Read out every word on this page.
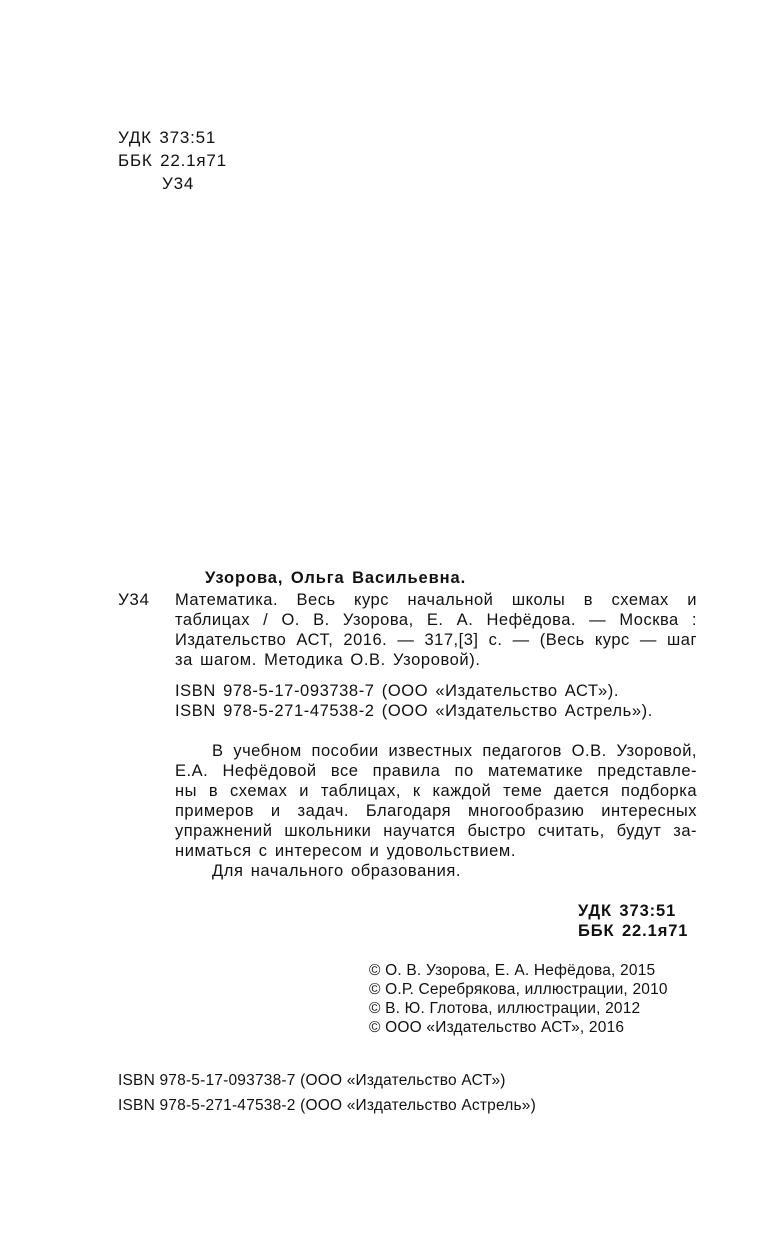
УДК 373:51
ББК 22.1я71
У34
Узорова, Ольга Васильевна.
У34 Математика. Весь курс начальной школы в схемах и
таблицах / О. В. Узорова, Е. А. Нефёдова. — Москва :
Издательство АСТ, 2016. — 317,[3] с. — (Весь курс — шаг
за шагом. Методика О.В. Узоровой).
ISBN 978-5-17-093738-7 (ООО «Издательство АСТ»).
ISBN 978-5-271-47538-2 (ООО «Издательство Астрель»).
В учебном пособии известных педагогов О.В. Узоровой,
Е.А. Нефёдовой все правила по математике представле-
ны в схемах и таблицах, к каждой теме дается подборка
примеров и задач. Благодаря многообразию интересных
упражнений школьники научатся быстро считать, будут за-
ниматься с интересом и удовольствием.
Для начального образования.
УДК 373:51
ББК 22.1я71
© О. В. Узорова, Е. А. Нефёдова, 2015
© О.Р. Серебрякова, иллюстрации, 2010
© В. Ю. Глотова, иллюстрации, 2012
© ООО «Издательство АСТ», 2016
ISBN 978-5-17-093738-7 (ООО «Издательство АСТ»)
ISBN 978-5-271-47538-2 (ООО «Издательство Астрель»)
